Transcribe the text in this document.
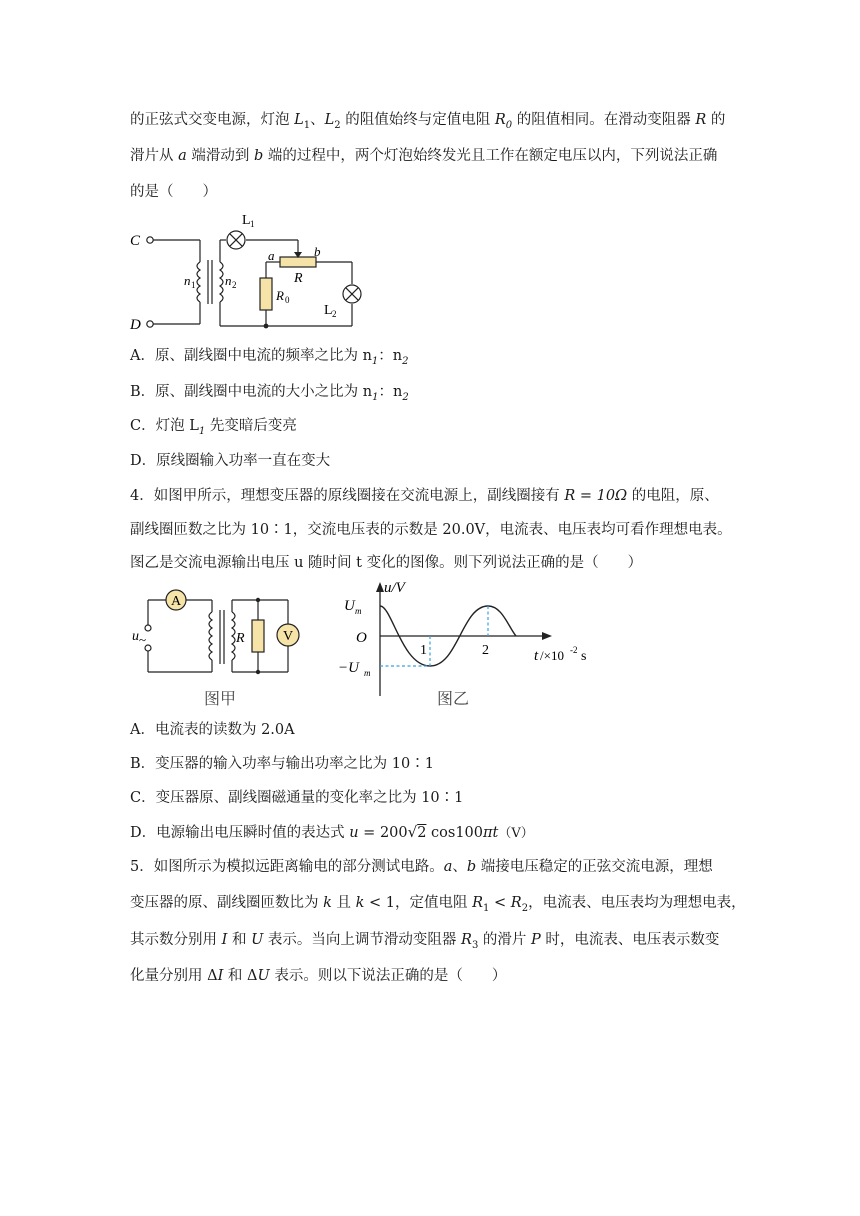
的正弦式交变电源，灯泡 $L_1$、$L_2$ 的阻值始终与定值电阻 $R_0$ 的阻值相同。在滑动变阻器 R 的
滑片从 a 端滑动到 b 端的过程中，两个灯泡始终发光且工作在额定电压以内，下列说法正确
的是（　　）
C
D
n 1 n 2
L 1
a	b
R
R 0
L 2
A．原、副线圈中电流的频率之比为 $n_1$：$n_2$
B．原、副线圈中电流的大小之比为 $n_1$：$n_2$
C．灯泡 $L_1$ 先变暗后变亮
D．原线圈输入功率一直在变大
4．如图甲所示，理想变压器的原线圈接在交流电源上，副线圈接有 R = 10Ω 的电阻，原、
副线圈匝数之比为 10∶1，交流电压表的示数是 20.0V，电流表、电压表均可看作理想电表。
图乙是交流电源输出电压 u 随时间 t 变化的图像。则下列说法正确的是（　　）
A
R	V
u ~
图甲
u/V
U m
O
−U m
1	2	t /×10 -2 s
图乙
A．电流表的读数为 2.0A
B．变压器的输入功率与输出功率之比为 10∶1
C．变压器原、副线圈磁通量的变化率之比为 10∶1
D．电源输出电压瞬时值的表达式 u = 200√2 cos100πt（V）
5．如图所示为模拟远距离输电的部分测试电路。a、b 端接电压稳定的正弦交流电源，理想
变压器的原、副线圈匝数比为 k 且 k < 1，定值电阻 $R_1 < R_2$，电流表、电压表均为理想电表，
其示数分别用 I 和 U 表示。当向上调节滑动变阻器 $R_3$ 的滑片 P 时，电流表、电压表示数变
化量分别用 ΔI 和 ΔU 表示。则以下说法正确的是（　　）
